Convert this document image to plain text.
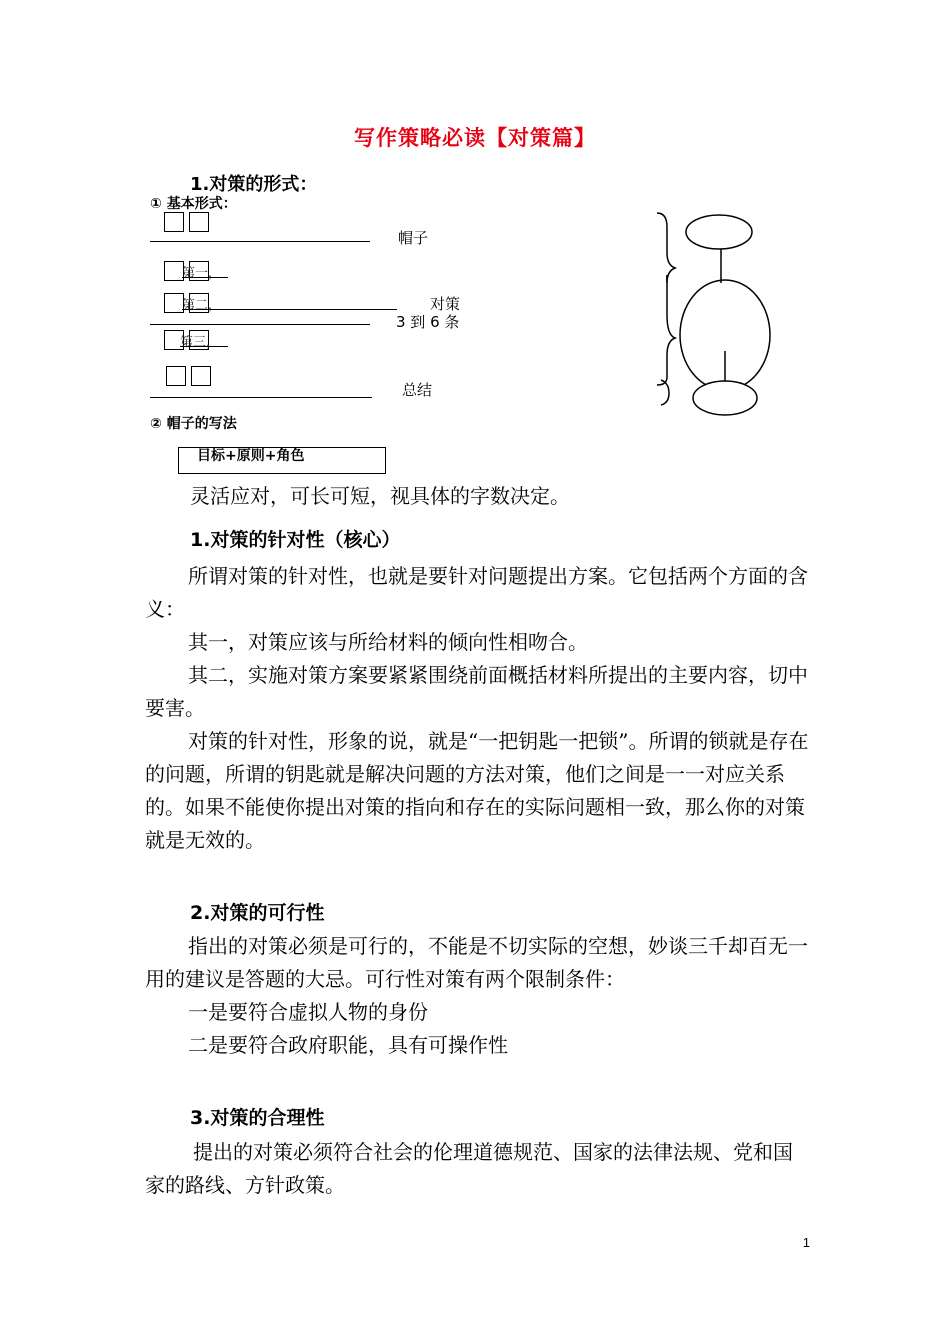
写作策略必读【对策篇】
1.对策的形式：
① 基本形式：
帽子
第一，
第二，	对策
3 到 6 条
第三，
总结
② 帽子的写法
目标+原则+角色
灵活应对，可长可短，视具体的字数决定。
1.对策的针对性（核心）

所谓对策的针对性，也就是要针对问题提出方案。它包括两个方面的含义：

其一，对策应该与所给材料的倾向性相吻合。

其二，实施对策方案要紧紧围绕前面概括材料所提出的主要内容，切中要害。

对策的针对性，形象的说，就是“一把钥匙一把锁”。所谓的锁就是存在的问题，所谓的钥匙就是解决问题的方法对策，他们之间是一一对应关系的。如果不能使你提出对策的指向和存在的实际问题相一致，那么你的对策就是无效的。

2.对策的可行性

指出的对策必须是可行的，不能是不切实际的空想，妙谈三千却百无一用的建议是答题的大忌。可行性对策有两个限制条件：

一是要符合虚拟人物的身份

二是要符合政府职能，具有可操作性

3.对策的合理性

提出的对策必须符合社会的伦理道德规范、国家的法律法规、党和国家的路线、方针政策。

1
